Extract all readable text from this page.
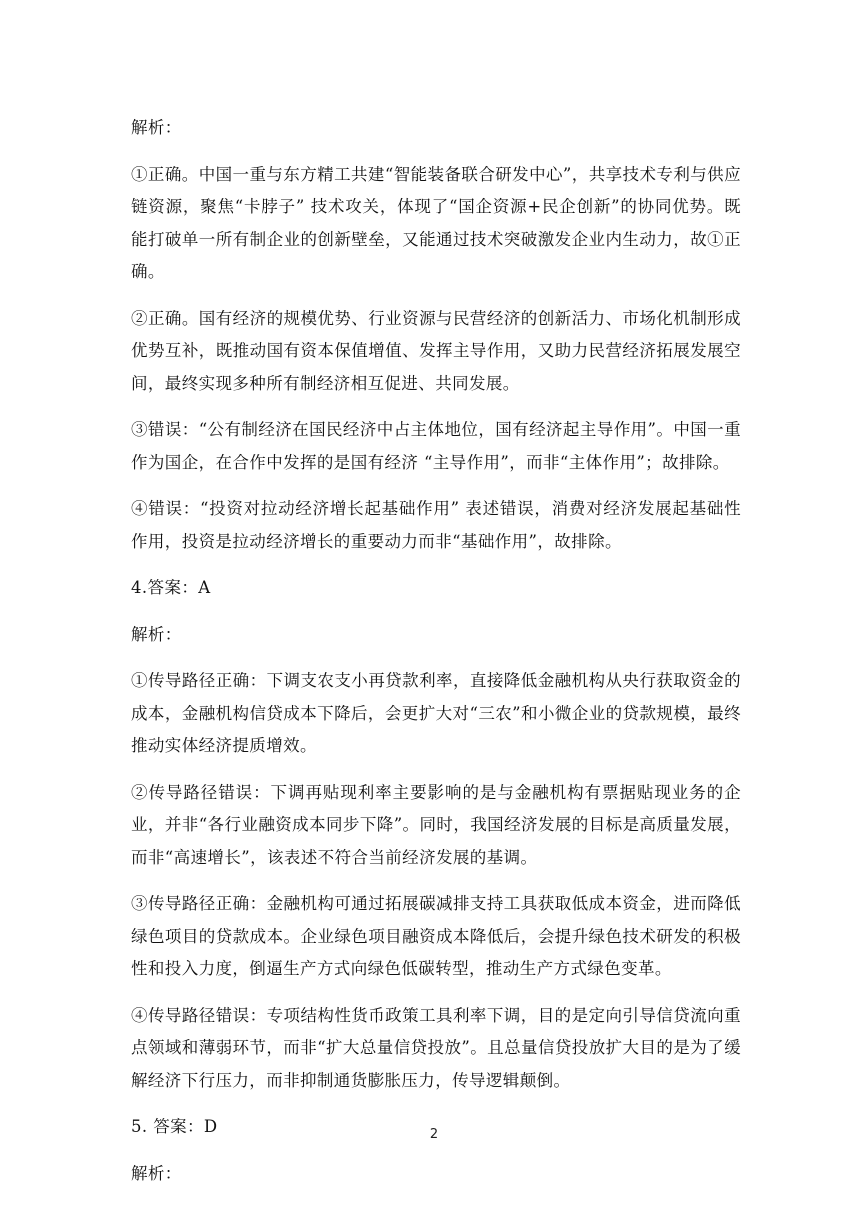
解析：

①正确。中国一重与东方精工共建“智能装备联合研发中心”，共享技术专利与供应链资源，聚焦“卡脖子” 技术攻关，体现了“国企资源+民企创新”的协同优势。既能打破单一所有制企业的创新壁垒，又能通过技术突破激发企业内生动力，故①正确。

②正确。国有经济的规模优势、行业资源与民营经济的创新活力、市场化机制形成优势互补，既推动国有资本保值增值、发挥主导作用，又助力民营经济拓展发展空间，最终实现多种所有制经济相互促进、共同发展。

③错误：“公有制经济在国民经济中占主体地位，国有经济起主导作用”。中国一重作为国企，在合作中发挥的是国有经济 “主导作用”，而非“主体作用”；故排除。

④错误：“投资对拉动经济增长起基础作用” 表述错误，消费对经济发展起基础性作用，投资是拉动经济增长的重要动力而非“基础作用”，故排除。

4.答案：A

解析：

①传导路径正确：下调支农支小再贷款利率，直接降低金融机构从央行获取资金的成本，金融机构信贷成本下降后，会更扩大对“三农”和小微企业的贷款规模，最终推动实体经济提质增效。

②传导路径错误：下调再贴现利率主要影响的是与金融机构有票据贴现业务的企业，并非“各行业融资成本同步下降”。同时，我国经济发展的目标是高质量发展，而非“高速增长”，该表述不符合当前经济发展的基调。

③传导路径正确：金融机构可通过拓展碳减排支持工具获取低成本资金，进而降低绿色项目的贷款成本。企业绿色项目融资成本降低后，会提升绿色技术研发的积极性和投入力度，倒逼生产方式向绿色低碳转型，推动生产方式绿色变革。

④传导路径错误：专项结构性货币政策工具利率下调，目的是定向引导信贷流向重点领域和薄弱环节，而非“扩大总量信贷投放”。且总量信贷投放扩大目的是为了缓解经济下行压力，而非抑制通货膨胀压力，传导逻辑颠倒。

5. 答案：D

解析：

2
